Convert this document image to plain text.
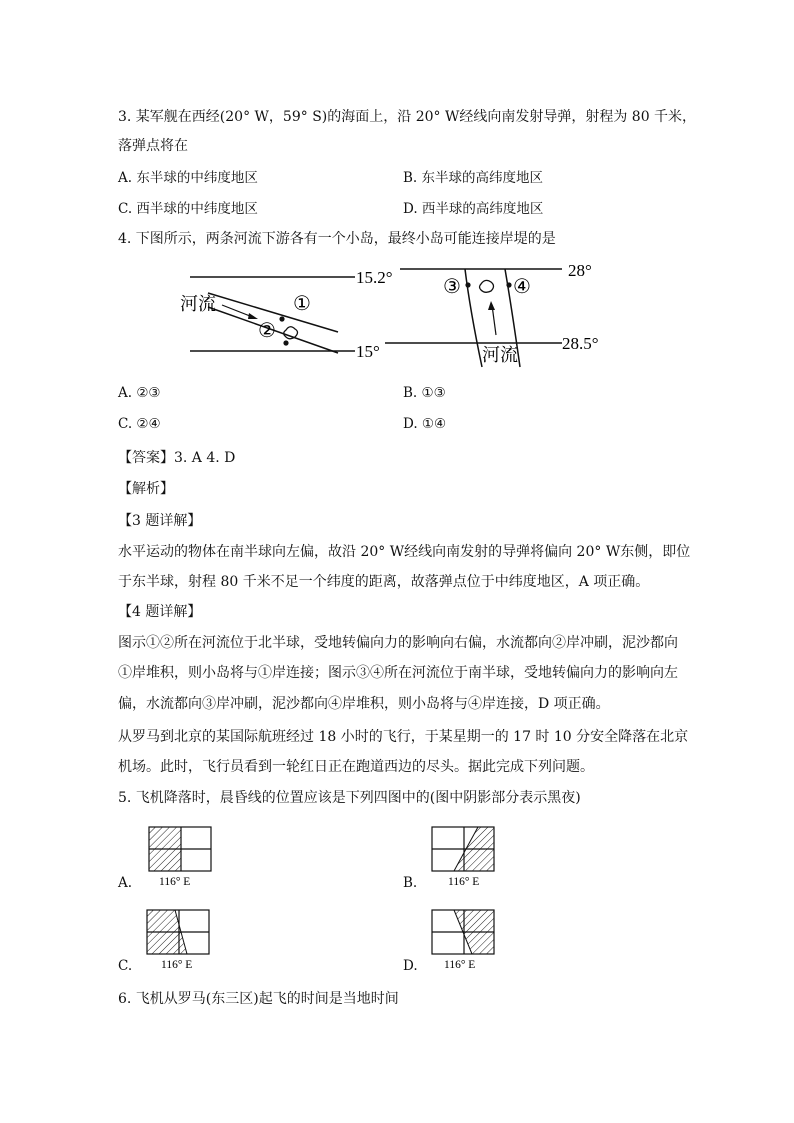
3. 某军舰在西经(20° W，59° S)的海面上，沿 20° W经线向南发射导弹，射程为 80 千米，
落弹点将在
A. 东半球的中纬度地区	B. 东半球的高纬度地区
C. 西半球的中纬度地区	D. 西半球的高纬度地区
4. 下图所示，两条河流下游各有一个小岛，最终小岛可能连接岸堤的是
15.2°
15°
河流	①
②
28°
28.5°
河流
③	④
A. ②③	B. ①③
C. ②④	D. ①④
【答案】3. A 4. D
【解析】
【3 题详解】
水平运动的物体在南半球向左偏，故沿 20° W经线向南发射的导弹将偏向 20° W东侧，即位
于东半球，射程 80 千米不足一个纬度的距离，故落弹点位于中纬度地区，A 项正确。
【4 题详解】
图示①②所在河流位于北半球，受地转偏向力的影响向右偏，水流都向②岸冲刷，泥沙都向
①岸堆积，则小岛将与①岸连接；图示③④所在河流位于南半球，受地转偏向力的影响向左
偏，水流都向③岸冲刷，泥沙都向④岸堆积，则小岛将与④岸连接，D 项正确。
从罗马到北京的某国际航班经过 18 小时的飞行，于某星期一的 17 时 10 分安全降落在北京
机场。此时，飞行员看到一轮红日正在跑道西边的尽头。据此完成下列问题。
5. 飞机降落时，晨昏线的位置应该是下列四图中的(图中阴影部分表示黑夜)
A.	B.
C.	D.
116° E	116° E
116° E	116° E
6. 飞机从罗马(东三区)起飞的时间是当地时间
